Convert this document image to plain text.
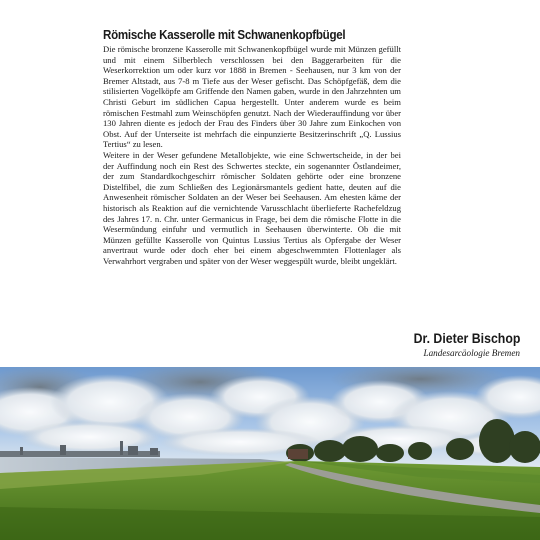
Römische Kasserolle mit Schwanenkopfbügel

Die römische bronzene Kasserolle mit Schwanenkopfbügel wurde mit Münzen gefüllt und mit einem Silberblech verschlossen bei den Baggerarbeiten für die Weserkorrektion um oder kurz vor 1888 in Bremen - Seehausen, nur 3 km von der Bremer Altstadt, aus 7-8 m Tiefe aus der Weser gefischt. Das Schöpfgefäß, dem die stilisierten Vogelköpfe am Griffende den Namen gaben, wurde in den Jahrzehnten um Christi Geburt im südlichen Capua hergestellt. Unter anderem wurde es beim römischen Festmahl zum Weinschöpfen genutzt. Nach der Wiederauffindung vor über 130 Jahren diente es jedoch der Frau des Finders über 30 Jahre zum Einkochen von Obst. Auf der Unterseite ist mehrfach die einpunzierte Besitzerinschrift „Q. Lussius Tertius“ zu lesen.

Weitere in der Weser gefundene Metallobjekte, wie eine Schwertscheide, in der bei der Auffindung noch ein Rest des Schwertes steckte, ein sogenannter Östlandeimer, der zum Standardkochgeschirr römischer Soldaten gehörte oder eine bronzene Distelfibel, die zum Schließen des Legionärsmantels gedient hatte, deuten auf die Anwesenheit römischer Soldaten an der Weser bei Seehausen. Am ehesten käme der historisch als Reaktion auf die vernichtende Varusschlacht überlieferte Rachefeldzug des Jahres 17. n. Chr. unter Germanicus in Frage, bei dem die römische Flotte in die Wesermündung einfuhr und vermutlich in Seehausen überwinterte. Ob die mit Münzen gefüllte Kasserolle von Quintus Lussius Tertius als Opfergabe der Weser anvertraut wurde oder doch eher bei einem abgeschwemmten Flottenlager als Verwahrhort vergraben und später von der Weser weggespült wurde, bleibt ungeklärt.

Dr. Dieter Bischop
Landesarcäologie Bremen
